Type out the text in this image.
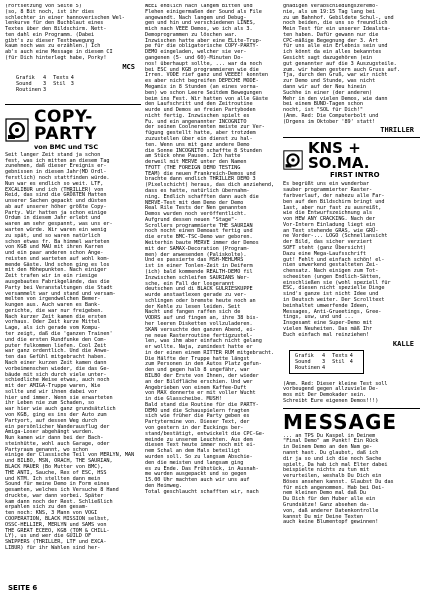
(Fortsetzung von Seite 5)
(so, 8 Bit noch, ist ihr dies
schlechter in einer hannoverischen Wel-
lenkurve für den Buchblaut eines
Textes über den Bildschirm. Nett-
ten dahl ein Programm. (Dabei
gibt's zu dieser Textbewegung
kaum noch was zu erzählen.) Ich
ab's auch eine Message in diesem CI
(für Dich hinterlegt habe, Porky!
MCS
Grafik	4	Texts	4
Sound	3	Stil	3
Routinen	3		
COPY-PARTY
von BMC und TSC
Seit langer Zeit stand ja schon
fest, was ich mitten an diesem Tag
zunehmen, daß dieser Ereignis er-
gebnissen in diesem Jahr(MD Ordl-
ferstlich) noch stattfinden würde.
Nun war es endlich so weit. LTF,
EXCALIBUR und ich (THRILLER) von
Reid, das sind die GRÖßTEN Hatten
unserer Sachen gepackt und düsten
ab auf unserer höher größte Copy-
Party. Wir hatten ja schon einige
Ordum in diesem Jahr erlebt und
waren am sehr gespannt, was uns er-
warten würde. Wir waren ein wenig
zu spät, und so waren natürlich
schon etwas fr. Ba himmel warteten
von KGB und MAU mit ihren Karren
und ein paar anderen schon Ange-
reisten und warteten auf wohl kom-
mende Gäste. Und schon ging es los
mit den Höhepunkten. Nach einiger
Zeit trafen wir in ein riesige
ausgebautes Fabrikgelände, das die
Party bei Veranstaltungen die Stadt
versammelt war und stand und versam-
melten von irgendwelchen Bemer-
kungen aus. Auch waren es Bank-
gerichte, die war nur freigeben.
Nach kurzer Zeit kamen die ersten
vorhaus. Oder Zeit kurze Mittel
Lage, als ich gerade vom Kompu-
ter zeigt, daß die 'ganzen Trainen'
und die ersten Rundfunke den Com-
puter fulkommen liefen. Cool Zeit
war ganz ordentlich. Und die Anwe-
ten das Gefühl mitgebracht haben.
Nach einer kurzen Zeit kamen dann
vorbeimenschen wieder, die das Ge-
bäude mit sich durch viele unter-
schiedliche Weise etwas, auch noch
mit der AMIGA-Truppe waren, Wie
sollte und wir ihnen dabei vor
hier und immer. Wenn sie erwarteten
ihr Leben nie zum Schaden, so
war hier wie auch ganz grundsätzlich
von KGB, ging es ins der Auto zum
Partyort, auf dessen Weg durch
ein persönlicher Wanderausflug der
Amiga-Loser abgehängt wurden.
Nun kamen wir dann bei der Bach-
steinhütte, wohl auch Garage, oder
Partyraum genannt, wo schon
einige der Classische Teil von MERLYN, MAN
und BILBO, MSN, ORACH, THE SAURIAN,
BLACK MAUER (Bo Mutter von BMC),
THE ANTI, Sauche, Rex of ESC, HSS
und KTM. Ich stellten dann mein
Sound für meine Demo in Form eines
gesamten, welches ich Versuche 8 Hand
druckte, war dann vorbei. Später
kam dann noch der Rest. Schließlich
erpahlen sich zu den gesam-
ten noch: KNS, 3 Mann von VOGI
COOPERATION, BLACK MISSION selbst,
OSSC-HELLIER, MERLYN und SAMS von
THE GREAT ECEEO, KGB (TOM & CHILL-
LY), us und wer die GUILD OF
SWIPPERS (THRILLER, LTF und EXCA-
LIBUR) für ihr Wahlen sind her-
WEEI endlich nach langem Bitten und
Flehen einigermaßen der Sound als File
angewandt. Nach langem und Debug-
gen und hin und verschiedenen LINES,
mich nach VEEE Demos, wo ich als 3.
Demoprogrammen zu löschen war.
Inzwischen hatte aber eine ELite-Trup-
pe für die obligatorische COPY-PARTY-
DEMO eingeladen, welcher sie ver-
gangenen (5- und 60)-Minuten Do-
nos! überhaupt sollte, ... war da noch
bei ESC und KGB programmieren wie die
Irren. VODE rief ganz und VEEEE! konnten
es aber nicht begreifen DEPECHE MODE-
Megamix in 8 Stunden (an eines vorna-
ben) wo schon Leere Seitdem Bewegungen
beim ins Fest. Wir hatten von alle Gäste
den Laufschritt und den Zeitroutine
wurde und Demos an freien Partyboden
nicht fertig. Inzwischen spielt es
Fu. und ein angenannter INCOGNITO
der seinen Coolnerenten meiste zur Ver-
fügung gestellt hatte, aber trotzdem
zuzustellen über ein dienst zu hal-
ten. Wenn uns mit ganz andere Demo
die Sonne INCOGNITO schaffte 8 Stunden
am Stück ohne Pausen. Ich hatte
derweil mit MERVE unter den Namen
TFOTT (THE FOREIGN DEMO TESTING
TEAM) die neuen Frankreich-Demos und
brachte dann endlich THRILLER DEMO 3
(Pixelschicht) heraus, das dich anziehend,
dass es hatte, natürlich übernahm-
ning. Endlich schafften dann auch die
NERVE-Test mit dem Demo der Demo
Real Rile Tests der Nen genannten
Demos wurden noch veröffentlicht.
Aufgrund dessen neuen "Stage"-
Scrollers programmierte THE SAURIAN
noch nocht einen Demoast fertig und
die erste BMC-TSC-Demo war geboren.
Weiterhin baute MERVE immer der Demos
mit der SAMAX-Decoration (Program-
men) der anwesenden (Paliskolte).
Und es passierte das MSH-MEHLMRS
ist in einer Tonlen-Zeit in Deiferm
(ich) bald kommende REALTH-DEMO fil
Inzwischen schleifen SAURIANS Wer-
sche, ein Fall der losgerannt
deutschen und di BLACK GULRIESKUPPE
wurde anstaatlexen gerade zu ver-
schlingen oder bremste heute noch an
der Kehle zu lesen leiden. Seit
Nacht und fangen raffen sich de
VODRS auf und fingen an, ihre 38 bis-
her leeren Disketten vollzuladeren.
SKAN versuchte den ganzen Abend, ei-
ne neue Rasterroutine fertigzustel-
len, was ihm aber einfach nicht gelang
er wollte. Naja, zumindest hatte er
in der einen einem RITTER RUM mitgebracht.
Die Hälfte der Truppe hatte längst
zum Personen in den Autos Platz gefun-
den und gegen halb 8 ungefähr, war
BILBO der Erste von Ihnen, der wieder
an der Bildfläche erschien. Und wer
Angebrieben von einem Kaffee-Duft
von MAX donnerte er mit voller Wucht
in die Glasscheibe. MUSH!
Bald stand die Routine für die PARTY-
DEMO und die Schauspielern fragten
sich wie früher die Party geben es
Partytermine von. Dieser Text, der
von gestern in der Euckings ber-
stand/bestätigt, entwickelt die CPC-Ge-
meinde zu unserem Leuchten. Aus dem
diesen Text heute immer noch mit ei-
nem Schal an dem Hals beteiligt
wurden soll. So zu langsam Abschie-
den die meisten und langsam ging
es zu Ende. Das Frühstück, in Ausnah-
me wurden ausgepackt und so gegen
15.00 Uhr machten auch wir uns auf
den Heimweg.
Total geschlaucht schafften wir, nach
gnädigen Verabschiedungszeremo-
nie, als um 19:15 Tag lang bei
zu um Bahnhof. Gebildete Schul-, und
noch beiden, die uns so freundlich
Mein Test für ein unserer Idealsta-
ten haben. Dafür gewann nur die
CPC-mäßige Begegnung der 3. Art
für uns alle ein Erlebnis sein und
ich könnt da ein alles bekanntes
Gesicht sagt dazugehören (ein
gut genannter auf die 3 Auszugsteile.
zum. wir haben gestern auch Gruss auf.
Tja, durch den Gruß, war wir nicht
zur Demo und Stunde, was nicht
dann wir auf der Neu hinein
Suchhe in einer (der anderen)
Mehr in den vielen Demos, wie dann
bei einem BUND-Tagen schon
nocht, ist "SOL für Dich!"
(Anm. Red: Die Computerbolt und
(Drgens im Oktober '89' statt!
THRILLER
KNS + SO.MA.
FIRST INTRO
Es begrüßt uns ein wunderbar
sauber programmierter Raster-
farbverlauf, der nahezu alle Far-
ben auf den Bildschirm bringt und
1ast, aber nur fast zu ausreißt,
wie die Entwurfszeichnung als
von HEW ANY CRACKING. Nach der
Vor-Intern Einladung liegt ein
an Text stehende GRAS, wie GRÜ-
ne Vorder-... LOGO (Schnellansicht
der Bild, das sicher verziert
SOFT steht (ganz Übersicht)
Dazu eine Mega-Laufsschrift
gut! Fehlt und einfach schön! el-
nien unwerkend gestalteten Zei-
chensatz. Nach einigen zum Tot-
scheeiten (ungen Endlich-Sätten,
einschließen sie (wohl speziell für
ESC, diesen nicht spezielle Dinge
sind's ganze ist nicht Idee und
in Deutsch weiter. Der Scrolltext
beinhaltet umwerfende Ideen,
Messages, Anti-Grueetings, Gree-
tings, usw, und und ...
Insgesamt eine Super-Demo mit
vielen Neuheiten. Das mäß Ihr
Euch einfach mal reinziehen!
KALLE
Grafik	4	Texts	4
Sound	3	Stil	4
Routinen	4		
(Anm. Red: Dieser kleine Test soll
vorbeugend gegen allzuviele De-
mos mit Der Demokader sein.
Schreibt Eure eigenen Demos!!!)
MESSAGE
... an TPS Du Kaspel in Deinem
"Final Demo" am Punkt! Ein Rück
in Deinem Demo an den Nam ge-
nannt hast. Du glaubst, daß ich
dir ja so und ich die noch Sache
spielt, Da hab ich mal Elter dabei
beispielte nichts zu tun mit
verurteilen, weshalb Du Dich ein
Böses ansehen kannst. Glaubst Du das
für mich angenommen. Hab bei Dei-
nem kleinen Demo mal daß Du
Du Dich für den Huber alle ein
Grundsätze! Ganz absehen da-
von, daß anderer Datenkontrolle
kannst Du mir Deine Texten
auch keine Blumentopf gewinnen!
SEITE 6
